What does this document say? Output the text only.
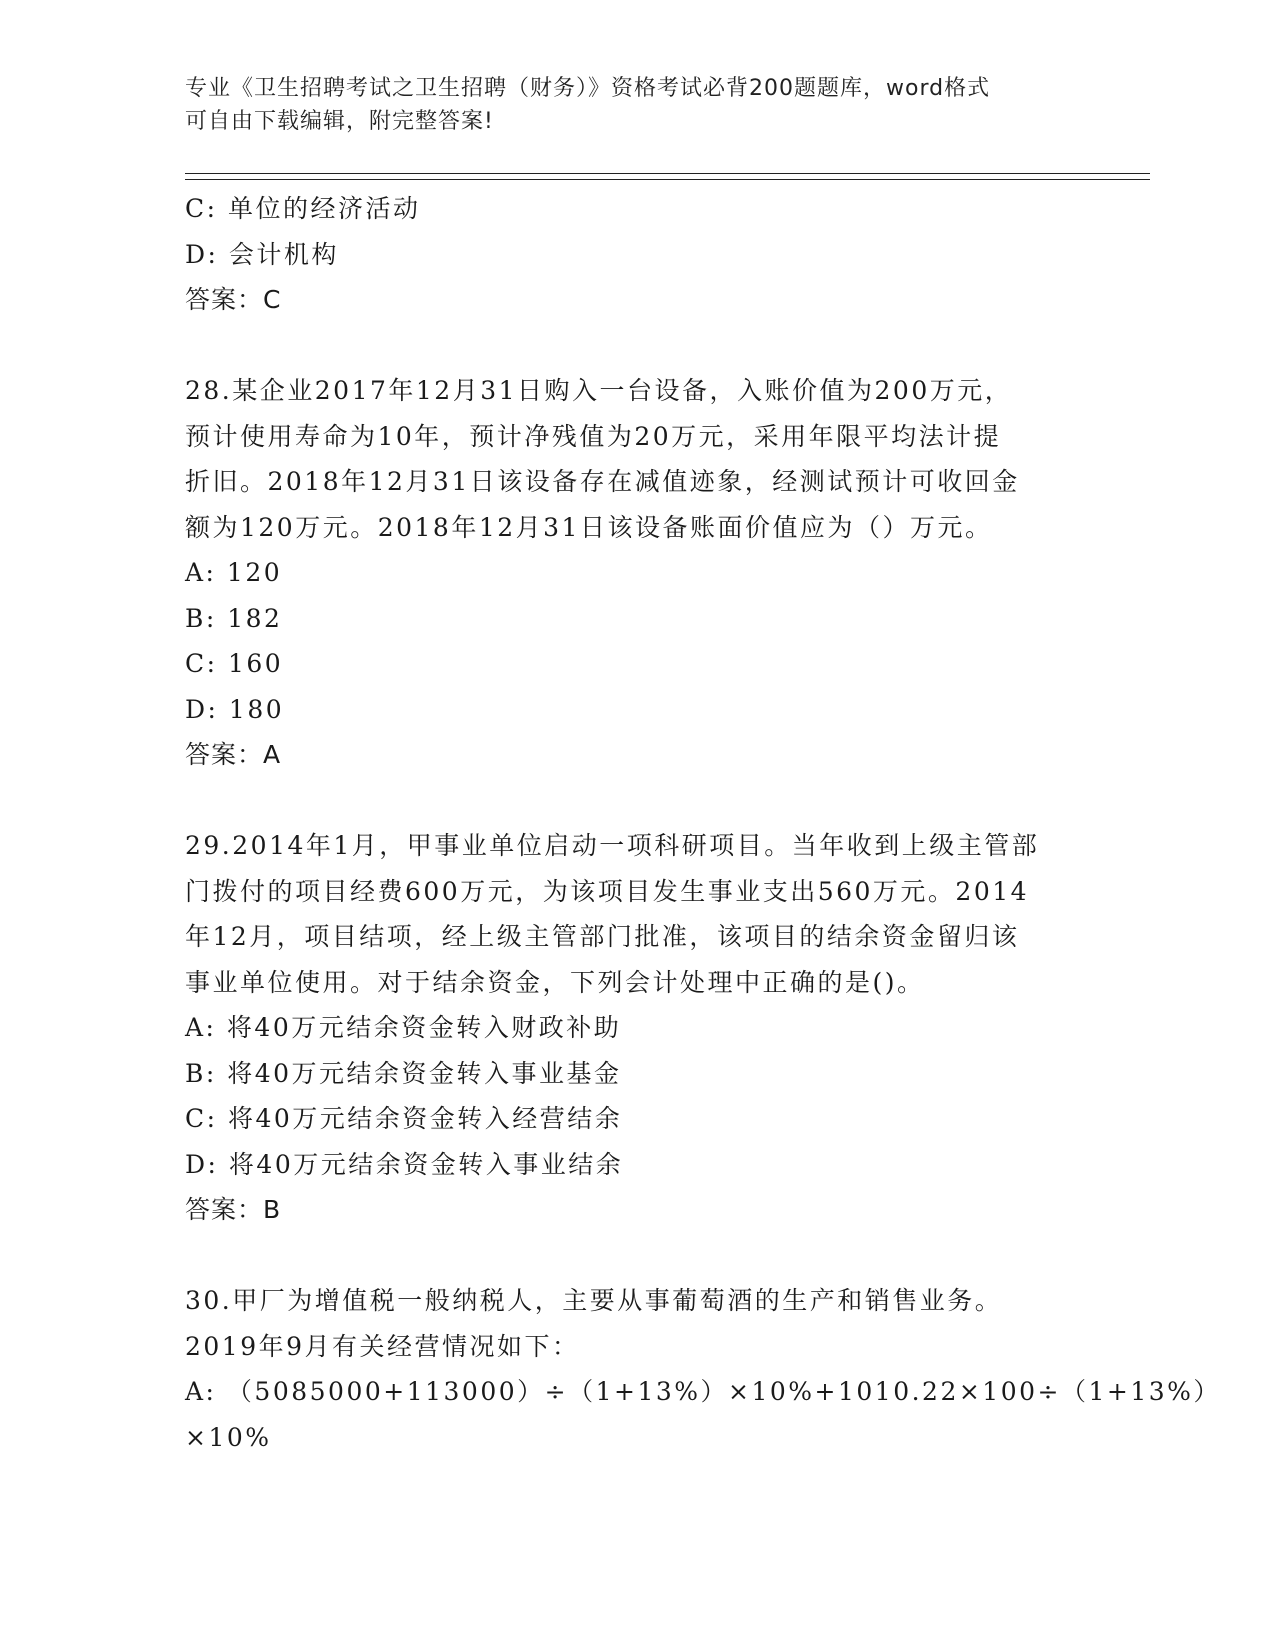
专业《卫生招聘考试之卫生招聘（财务）》资格考试必背200题题库，word格式
可自由下载编辑，附完整答案!
C: 单位的经济活动
D: 会计机构
答案：C
28.某企业2017年12月31日购入一台设备，入账价值为200万元，
预计使用寿命为10年，预计净残值为20万元，采用年限平均法计提
折旧。2018年12月31日该设备存在减值迹象，经测试预计可收回金
额为120万元。2018年12月31日该设备账面价值应为（）万元。
A: 120
B: 182
C: 160
D: 180
答案：A
29.2014年1月，甲事业单位启动一项科研项目。当年收到上级主管部
门拨付的项目经费600万元，为该项目发生事业支出560万元。2014
年12月，项目结项，经上级主管部门批准，该项目的结余资金留归该
事业单位使用。对于结余资金，下列会计处理中正确的是()。
A: 将40万元结余资金转入财政补助
B: 将40万元结余资金转入事业基金
C: 将40万元结余资金转入经营结余
D: 将40万元结余资金转入事业结余
答案：B
30.甲厂为增值税一般纳税人，主要从事葡萄酒的生产和销售业务。
2019年9月有关经营情况如下：
A: （5085000+113000）÷（1+13%）×10%+1010.22×100÷（1+13%）
×10%
